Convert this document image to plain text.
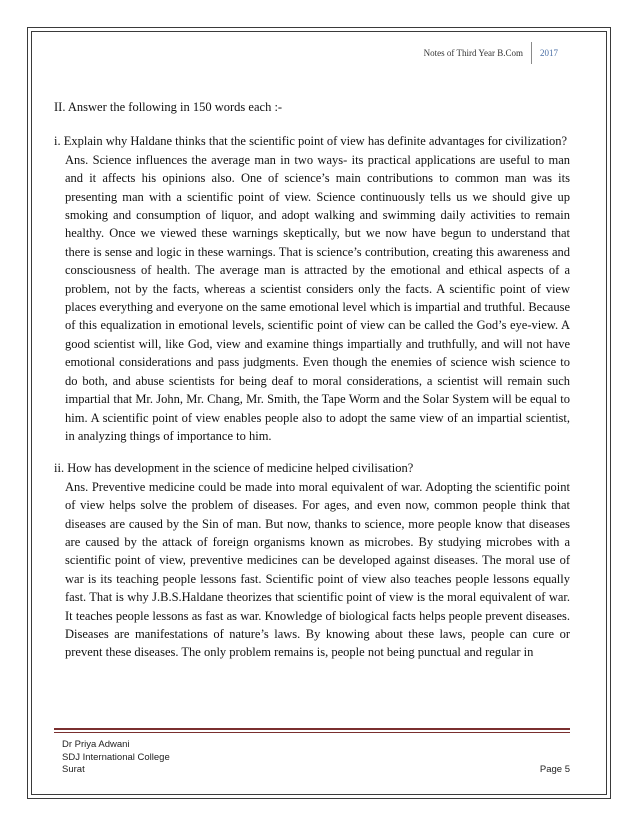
Notes of Third Year B.Com 2017
II. Answer the following in 150 words each :-
i. Explain why Haldane thinks that the scientific point of view has definite advantages for civilization?

Ans. Science influences the average man in two ways- its practical applications are useful to man and it affects his opinions also. One of science’s main contributions to common man was its presenting man with a scientific point of view. Science continuously tells us we should give up smoking and consumption of liquor, and adopt walking and swimming daily activities to remain healthy. Once we viewed these warnings skeptically, but we now have begun to understand that there is sense and logic in these warnings. That is science’s contribution, creating this awareness and consciousness of health. The average man is attracted by the emotional and ethical aspects of a problem, not by the facts, whereas a scientist considers only the facts. A scientific point of view places everything and everyone on the same emotional level which is impartial and truthful. Because of this equalization in emotional levels, scientific point of view can be called the God’s eye-view. A good scientist will, like God, view and examine things impartially and truthfully, and will not have emotional considerations and pass judgments. Even though the enemies of science wish science to do both, and abuse scientists for being deaf to moral considerations, a scientist will remain such impartial that Mr. John, Mr. Chang, Mr. Smith, the Tape Worm and the Solar System will be equal to him. A scientific point of view enables people also to adopt the same view of an impartial scientist, in analyzing things of importance to him.

ii. How has development in the science of medicine helped civilisation?

Ans. Preventive medicine could be made into moral equivalent of war. Adopting the scientific point of view helps solve the problem of diseases. For ages, and even now, common people think that diseases are caused by the Sin of man. But now, thanks to science, more people know that diseases are caused by the attack of foreign organisms known as microbes. By studying microbes with a scientific point of view, preventive medicines can be developed against diseases. The moral use of war is its teaching people lessons fast. Scientific point of view also teaches people lessons equally fast. That is why J.B.S.Haldane theorizes that scientific point of view is the moral equivalent of war. It teaches people lessons as fast as war. Knowledge of biological facts helps people prevent diseases. Diseases are manifestations of nature’s laws. By knowing about these laws, people can cure or prevent these diseases. The only problem remains is, people not being punctual and regular in

Dr Priya Adwani
SDJ International College
Surat	Page 5
